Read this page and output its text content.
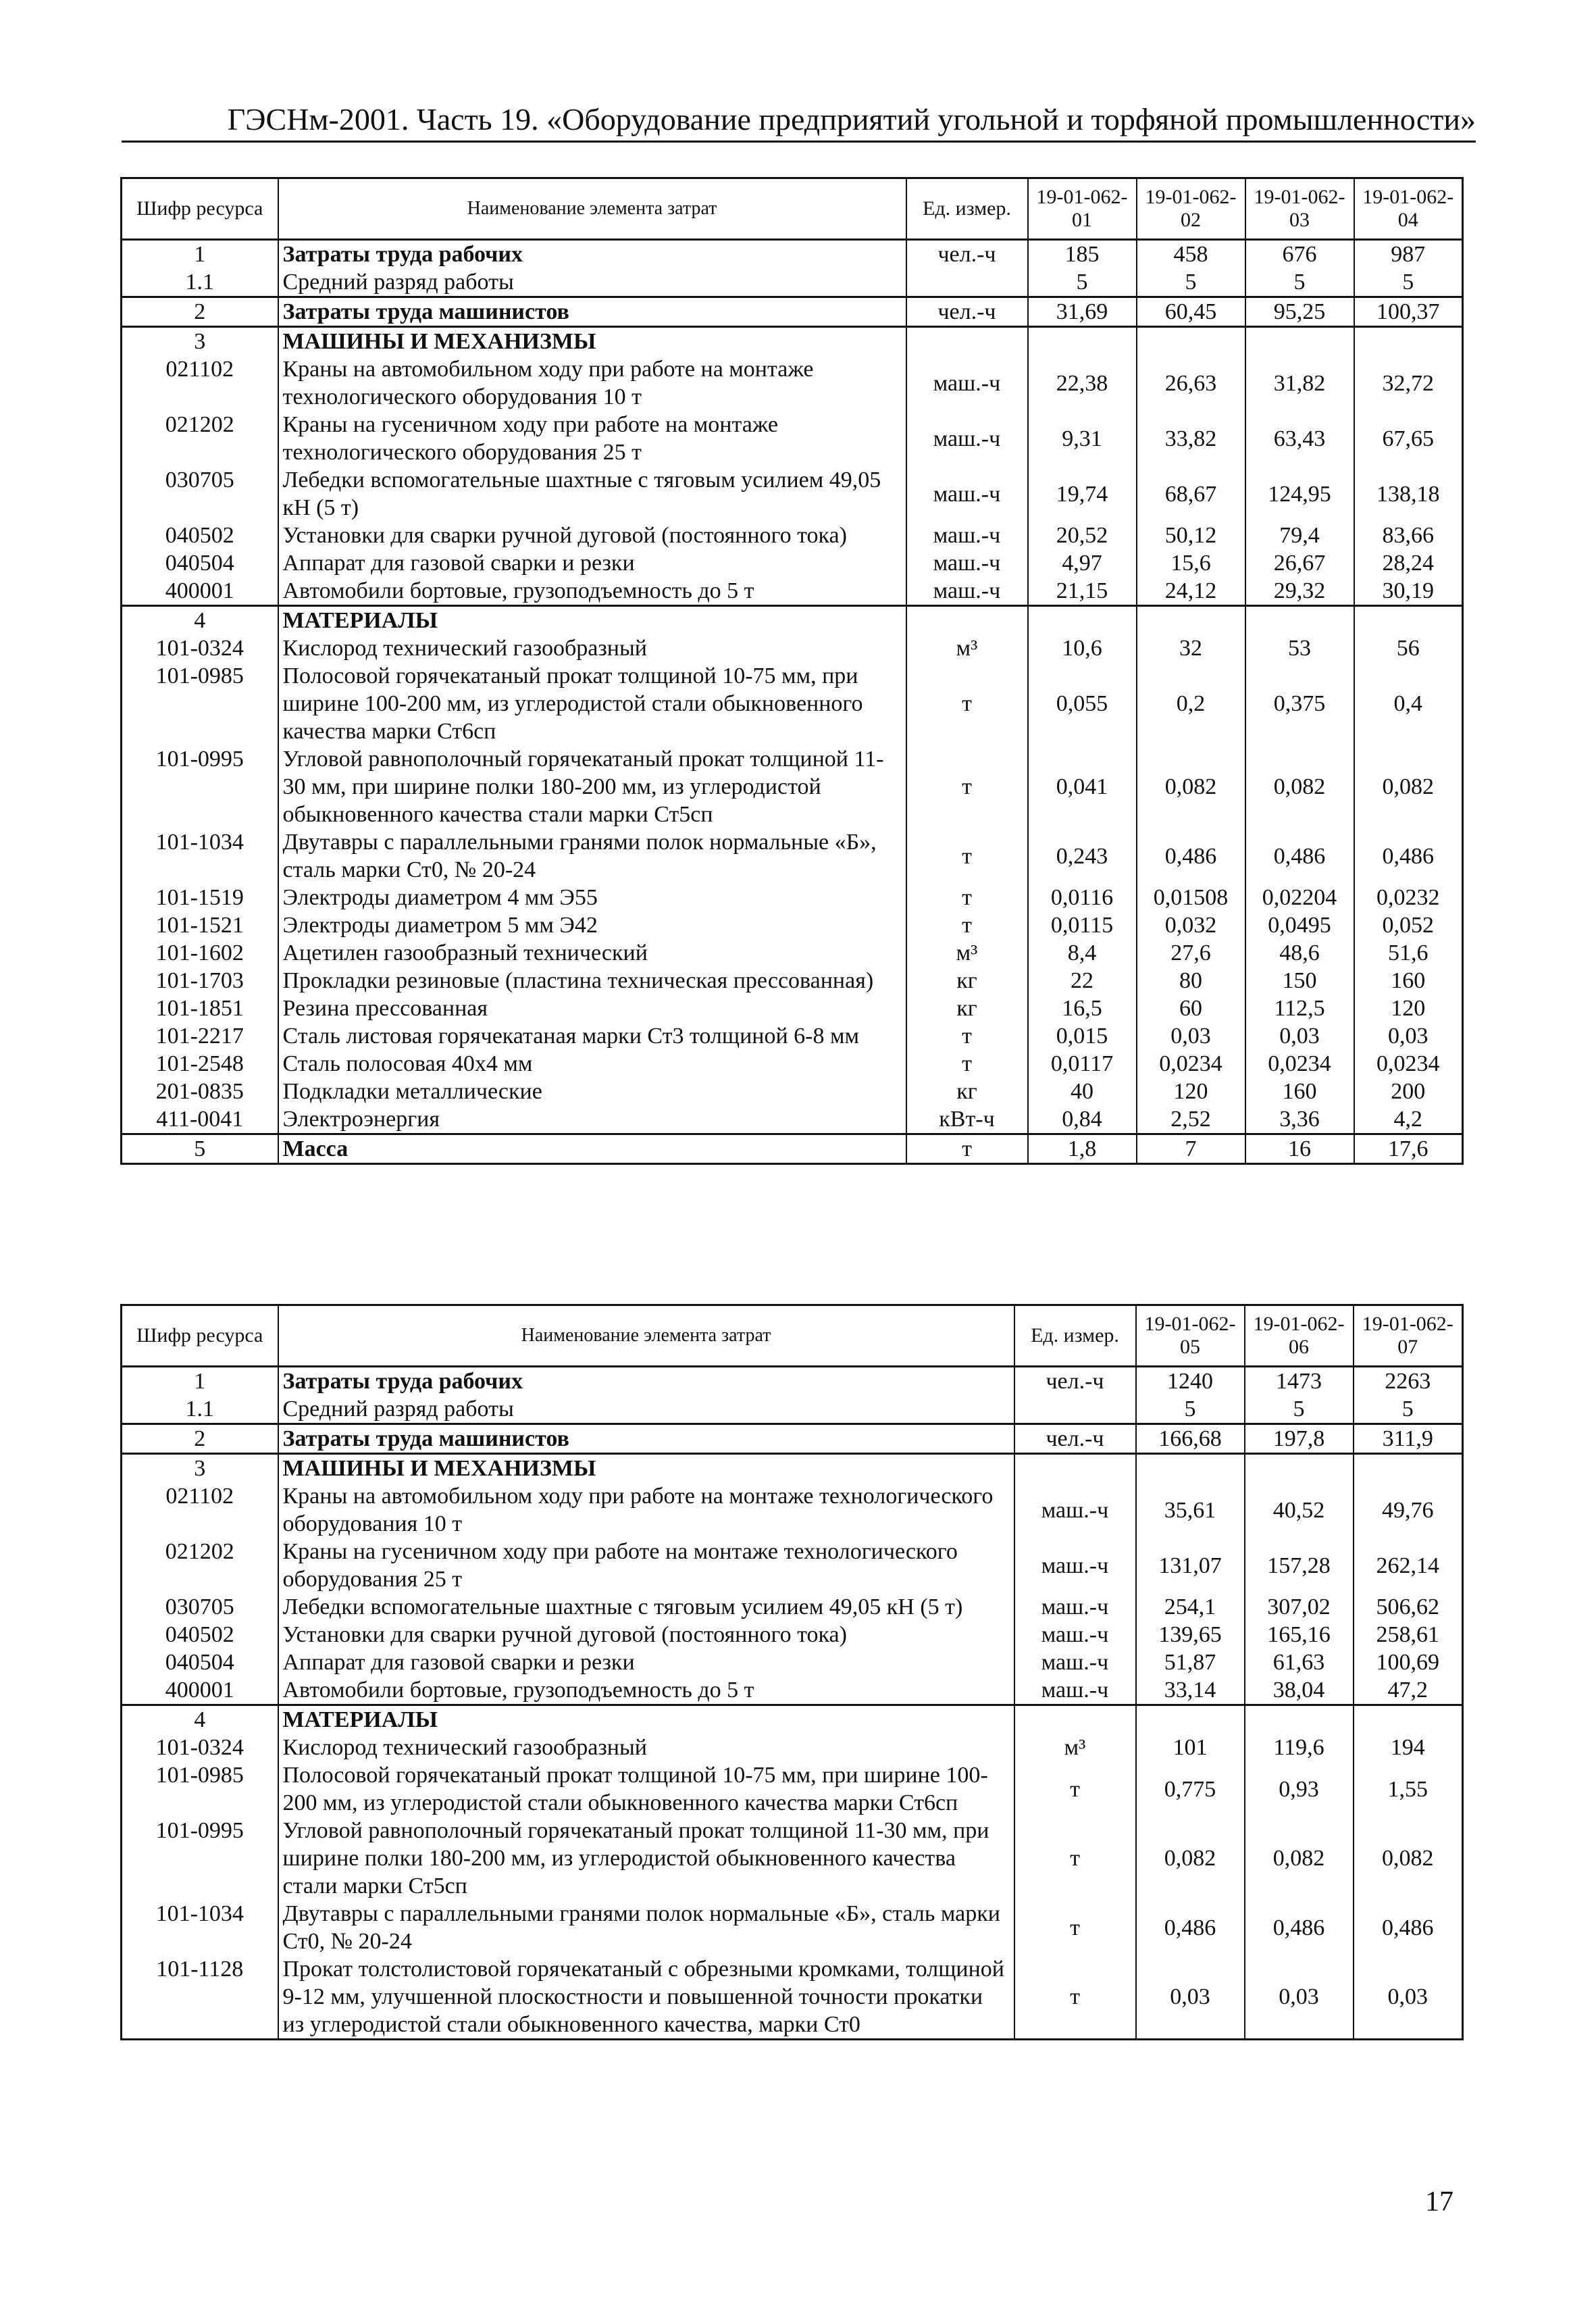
ГЭСНм-2001. Часть 19. «Оборудование предприятий угольной и торфяной промышленности»
Шифр ресурса	Наименование элемента затрат	Ед. измер.	19-01-062-01	19-01-062-02	19-01-062-03	19-01-062-04
1	Затраты труда рабочих	чел.-ч	185	458	676	987
1.1	Средний разряд работы		5	5	5	5
2	Затраты труда машинистов	чел.-ч	31,69	60,45	95,25	100,37
3	МАШИНЫ И МЕХАНИЗМЫ					
021102	Краны на автомобильном ходу при работе на монтаже технологического оборудования 10 т	маш.-ч	22,38	26,63	31,82	32,72
021202	Краны на гусеничном ходу при работе на монтаже технологического оборудования 25 т	маш.-ч	9,31	33,82	63,43	67,65
030705	Лебедки вспомогательные шахтные с тяговым усилием 49,05 кН (5 т)	маш.-ч	19,74	68,67	124,95	138,18
040502	Установки для сварки ручной дуговой (постоянного тока)	маш.-ч	20,52	50,12	79,4	83,66
040504	Аппарат для газовой сварки и резки	маш.-ч	4,97	15,6	26,67	28,24
400001	Автомобили бортовые, грузоподъемность до 5 т	маш.-ч	21,15	24,12	29,32	30,19
4	МАТЕРИАЛЫ					
101-0324	Кислород технический газообразный	м³	10,6	32	53	56
101-0985	Полосовой горячекатаный прокат толщиной 10-75 мм, при ширине 100-200 мм, из углеродистой стали обыкновенного качества марки Ст6сп	т	0,055	0,2	0,375	0,4
101-0995	Угловой равнополочный горячекатаный прокат толщиной 11-30 мм, при ширине полки 180-200 мм, из углеродистой обыкновенного качества стали марки Ст5сп	т	0,041	0,082	0,082	0,082
101-1034	Двутавры с параллельными гранями полок нормальные «Б», сталь марки Ст0, № 20-24	т	0,243	0,486	0,486	0,486
101-1519	Электроды диаметром 4 мм Э55	т	0,0116	0,01508	0,02204	0,0232
101-1521	Электроды диаметром 5 мм Э42	т	0,0115	0,032	0,0495	0,052
101-1602	Ацетилен газообразный технический	м³	8,4	27,6	48,6	51,6
101-1703	Прокладки резиновые (пластина техническая прессованная)	кг	22	80	150	160
101-1851	Резина прессованная	кг	16,5	60	112,5	120
101-2217	Сталь листовая горячекатаная марки Ст3 толщиной 6-8 мм	т	0,015	0,03	0,03	0,03
101-2548	Сталь полосовая 40х4 мм	т	0,0117	0,0234	0,0234	0,0234
201-0835	Подкладки металлические	кг	40	120	160	200
411-0041	Электроэнергия	кВт-ч	0,84	2,52	3,36	4,2
5	Масса	т	1,8	7	16	17,6
Шифр ресурса	Наименование элемента затрат	Ед. измер.	19-01-062-05	19-01-062-06	19-01-062-07
1	Затраты труда рабочих	чел.-ч	1240	1473	2263
1.1	Средний разряд работы		5	5	5
2	Затраты труда машинистов	чел.-ч	166,68	197,8	311,9
3	МАШИНЫ И МЕХАНИЗМЫ				
021102	Краны на автомобильном ходу при работе на монтаже технологического оборудования 10 т	маш.-ч	35,61	40,52	49,76
021202	Краны на гусеничном ходу при работе на монтаже технологического оборудования 25 т	маш.-ч	131,07	157,28	262,14
030705	Лебедки вспомогательные шахтные с тяговым усилием 49,05 кН (5 т)	маш.-ч	254,1	307,02	506,62
040502	Установки для сварки ручной дуговой (постоянного тока)	маш.-ч	139,65	165,16	258,61
040504	Аппарат для газовой сварки и резки	маш.-ч	51,87	61,63	100,69
400001	Автомобили бортовые, грузоподъемность до 5 т	маш.-ч	33,14	38,04	47,2
4	МАТЕРИАЛЫ				
101-0324	Кислород технический газообразный	м³	101	119,6	194
101-0985	Полосовой горячекатаный прокат толщиной 10-75 мм, при ширине 100-200 мм, из углеродистой стали обыкновенного качества марки Ст6сп	т	0,775	0,93	1,55
101-0995	Угловой равнополочный горячекатаный прокат толщиной 11-30 мм, при ширине полки 180-200 мм, из углеродистой обыкновенного качества стали марки Ст5сп	т	0,082	0,082	0,082
101-1034	Двутавры с параллельными гранями полок нормальные «Б», сталь марки Ст0, № 20-24	т	0,486	0,486	0,486
101-1128	Прокат толстолистовой горячекатаный с обрезными кромками, толщиной 9-12 мм, улучшенной плоскостности и повышенной точности прокатки из углеродистой стали обыкновенного качества, марки Ст0	т	0,03	0,03	0,03
17
